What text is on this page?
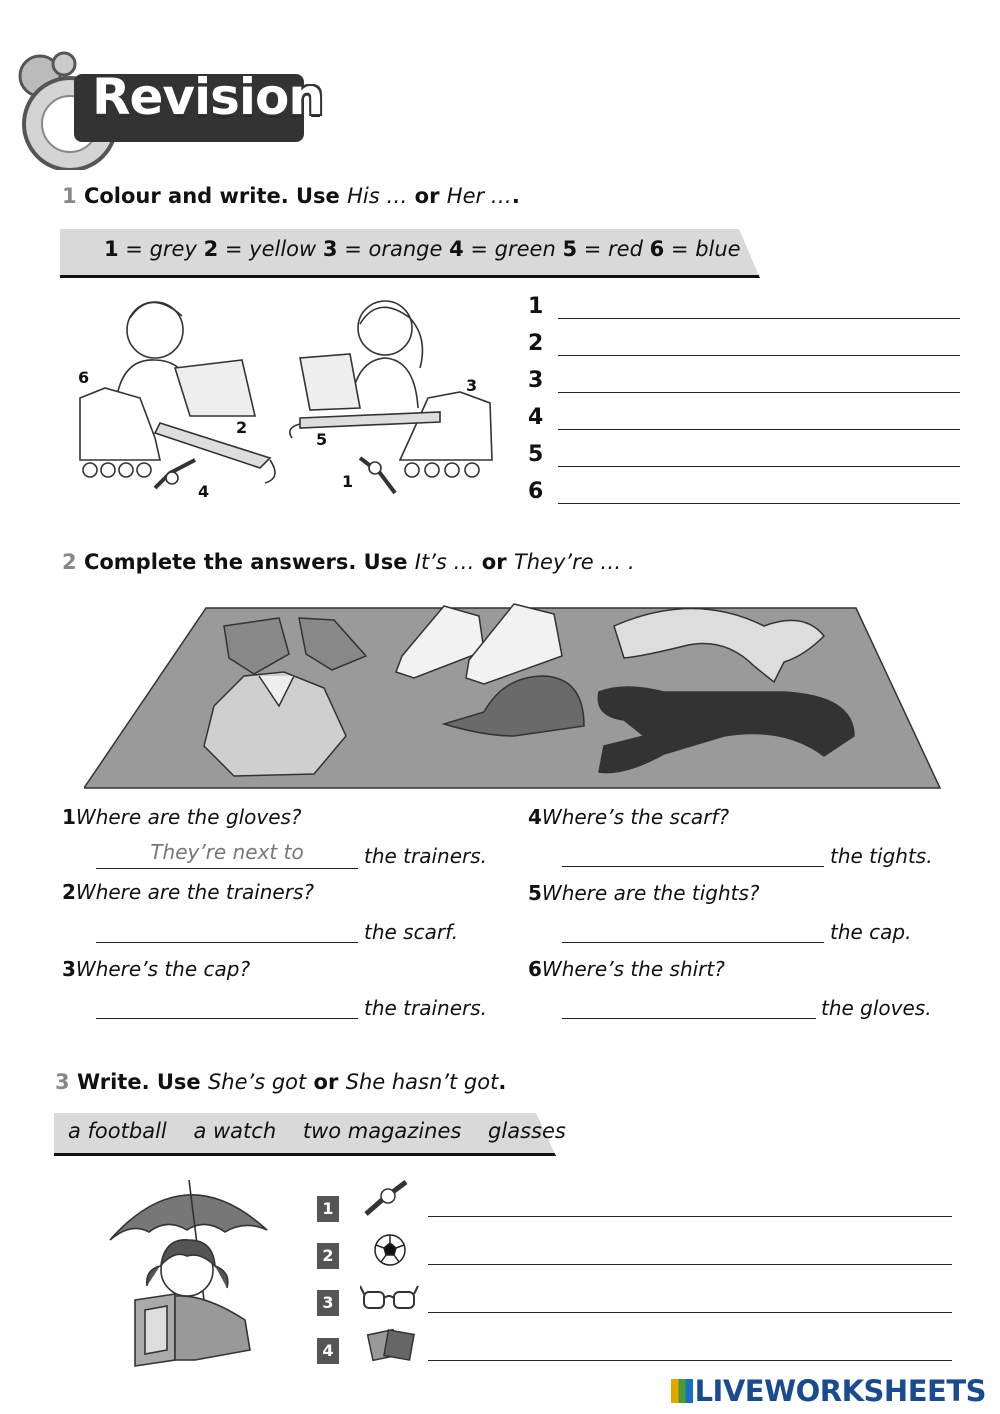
Revision
1 Colour and write. Use His … or Her ….
1 = grey 2 = yellow 3 = orange 4 = green 5 = red 6 = blue
6
2
5
3
4
1
1
2
3
4
5
6
2 Complete the answers. Use It’s … or They’re … .
1Where are the gloves?
They’re next to	the trainers.
2Where are the trainers?
the scarf.
3Where’s the cap?
the trainers.
4Where’s the scarf?
the tights.
5Where are the tights?
the cap.
6Where’s the shirt?
the gloves.
3 Write. Use She’s got or She hasn’t got.
a football a watch two magazines glasses
1
2
3
4
LIVEWORKSHEETS
